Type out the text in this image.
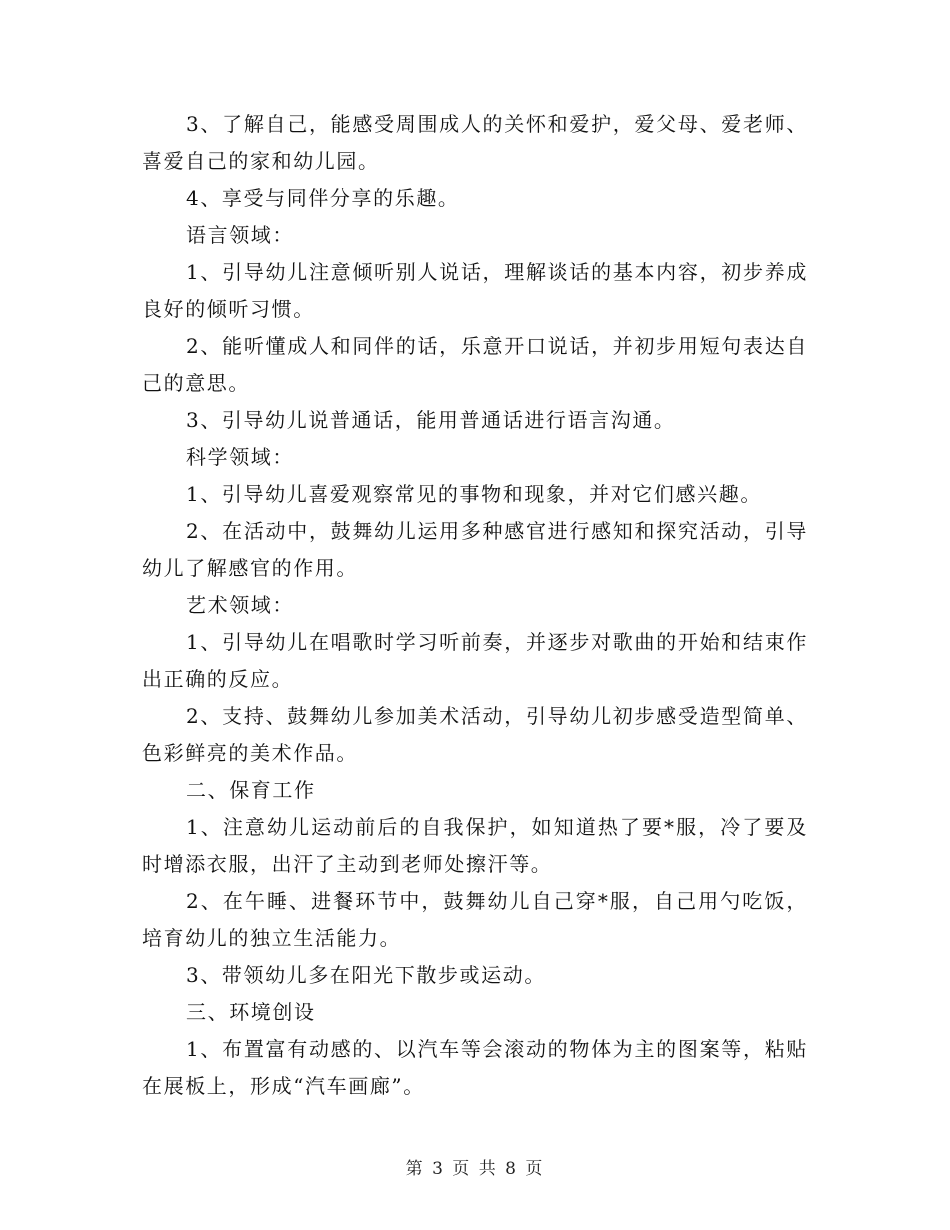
3、了解自己，能感受周围成人的关怀和爱护，爱父母、爱老师、喜爱自己的家和幼儿园。

4、享受与同伴分享的乐趣。

语言领域：

1、引导幼儿注意倾听别人说话，理解谈话的基本内容，初步养成良好的倾听习惯。

2、能听懂成人和同伴的话，乐意开口说话，并初步用短句表达自己的意思。

3、引导幼儿说普通话，能用普通话进行语言沟通。

科学领域：

1、引导幼儿喜爱观察常见的事物和现象，并对它们感兴趣。

2、在活动中，鼓舞幼儿运用多种感官进行感知和探究活动，引导幼儿了解感官的作用。

艺术领域：

1、引导幼儿在唱歌时学习听前奏，并逐步对歌曲的开始和结束作出正确的反应。

2、支持、鼓舞幼儿参加美术活动，引导幼儿初步感受造型简单、色彩鲜亮的美术作品。

二、保育工作

1、注意幼儿运动前后的自我保护，如知道热了要*服，冷了要及时增添衣服，出汗了主动到老师处擦汗等。

2、在午睡、进餐环节中，鼓舞幼儿自己穿*服，自己用勺吃饭，培育幼儿的独立生活能力。

3、带领幼儿多在阳光下散步或运动。

三、环境创设

1、布置富有动感的、以汽车等会滚动的物体为主的图案等，粘贴在展板上，形成“汽车画廊”。

第 3 页 共 8 页
